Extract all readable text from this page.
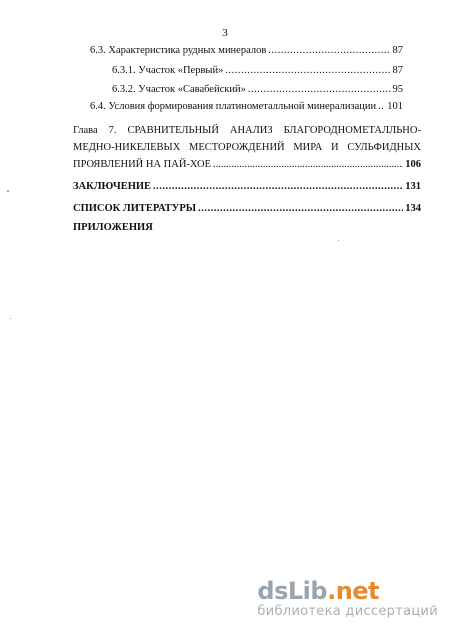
3
6.3. Характеристика рудных минералов .....	87
6.3.1. Участок «Первый» .....	87
6.3.2. Участок «Савабейский» .....	95
6.4. Условия формирования платинометалльной минерализации ..... 101
Глава 7. СРАВНИТЕЛЬНЫЙ АНАЛИЗ БЛАГОРОДНОМЕТАЛЛЬНО-
МЕДНО-НИКЕЛЕВЫХ МЕСТОРОЖДЕНИЙ МИРА И СУЛЬФИДНЫХ
ПРОЯВЛЕНИЙ НА ПАЙ-ХОЕ .....	106
ЗАКЛЮЧЕНИЕ .....	131
СПИСОК ЛИТЕРАТУРЫ .....	134
ПРИЛОЖЕНИЯ
dsLib.net
библиотека диссертаций
